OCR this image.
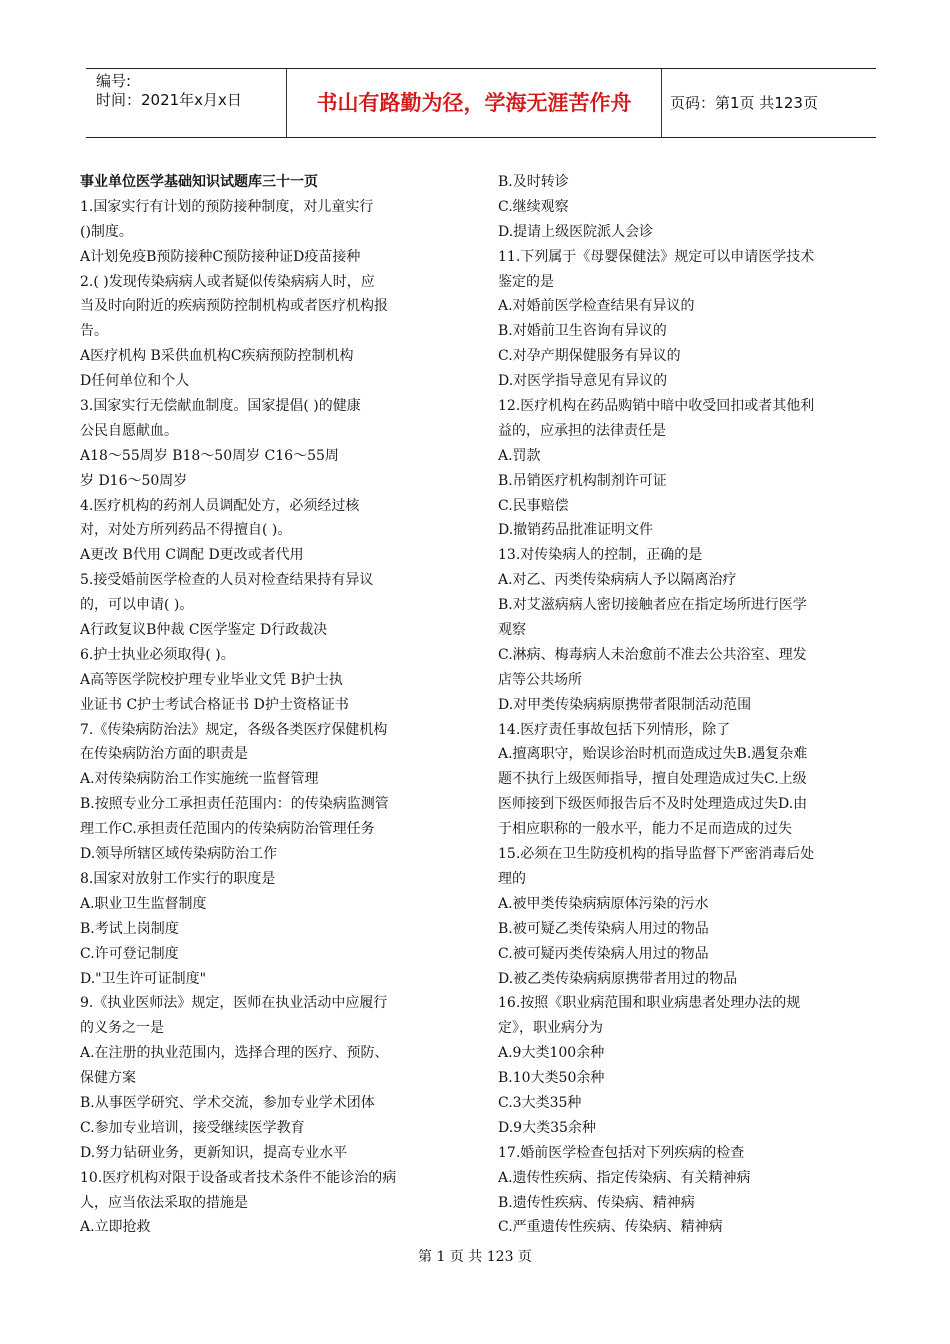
编号:
时间：2021年x月x日	书山有路勤为径，学海无涯苦作舟	页码：第1页 共123页
事业单位医学基础知识试题库三十一页
1.国家实行有计划的预防接种制度，对儿童实行
()制度。
A计划免疫B预防接种C预防接种证D疫苗接种
2.( )发现传染病病人或者疑似传染病病人时，应
当及时向附近的疾病预防控制机构或者医疗机构报
告。
A医疗机构 B采供血机构C疾病预防控制机构
D任何单位和个人
3.国家实行无偿献血制度。国家提倡( )的健康
公民自愿献血。
A18～55周岁 B18～50周岁 C16～55周
岁 D16～50周岁
4.医疗机构的药剂人员调配处方，必须经过核
对，对处方所列药品不得擅自( )。
A更改 B代用 C调配 D更改或者代用
5.接受婚前医学检查的人员对检查结果持有异议
的，可以申请( )。
A行政复议B仲裁 C医学鉴定 D行政裁决
6.护士执业必须取得( )。
A高等医学院校护理专业毕业文凭 B护士执
业证书 C护士考试合格证书 D护士资格证书
7.《传染病防治法》规定，各级各类医疗保健机构
在传染病防治方面的职责是
A.对传染病防治工作实施统一监督管理
B.按照专业分工承担责任范围内：的传染病监测管
理工作C.承担责任范围内的传染病防治管理任务
D.领导所辖区域传染病防治工作
8.国家对放射工作实行的职度是
A.职业卫生监督制度
B.考试上岗制度
C.许可登记制度
D."卫生许可证制度"
9.《执业医师法》规定，医师在执业活动中应履行
的义务之一是
A.在注册的执业范围内，选择合理的医疗、预防、
保健方案
B.从事医学研究、学术交流，参加专业学术团体
C.参加专业培训，接受继续医学教育
D.努力钻研业务，更新知识，提高专业水平
10.医疗机构对限于设备或者技术条件不能诊治的病
人，应当依法采取的措施是
A.立即抢救
B.及时转诊
C.继续观察
D.提请上级医院派人会诊
11.下列属于《母婴保健法》规定可以申请医学技术
鉴定的是
A.对婚前医学检查结果有异议的
B.对婚前卫生咨询有异议的
C.对孕产期保健服务有异议的
D.对医学指导意见有异议的
12.医疗机构在药品购销中暗中收受回扣或者其他利
益的，应承担的法律责任是
A.罚款
B.吊销医疗机构制剂许可证
C.民事赔偿
D.撤销药品批准证明文件
13.对传染病人的控制，正确的是
A.对乙、丙类传染病病人予以隔离治疗
B.对艾滋病病人密切接触者应在指定场所进行医学
观察
C.淋病、梅毒病人未治愈前不准去公共浴室、理发
店等公共场所
D.对甲类传染病病原携带者限制活动范围
14.医疗责任事故包括下列情形，除了
A.擅离职守，贻误诊治时机而造成过失B.遇复杂难
题不执行上级医师指导，擅自处理造成过失C.上级
医师接到下级医师报告后不及时处理造成过失D.由
于相应职称的一般水平，能力不足而造成的过失
15.必须在卫生防疫机构的指导监督下严密消毒后处
理的
A.被甲类传染病病原体污染的污水
B.被可疑乙类传染病人用过的物品
C.被可疑丙类传染病人用过的物品
D.被乙类传染病病原携带者用过的物品
16.按照《职业病范围和职业病患者处理办法的规
定》，职业病分为
A.9大类100余种
B.10大类50余种
C.3大类35种
D.9大类35余种
17.婚前医学检查包括对下列疾病的检查
A.遗传性疾病、指定传染病、有关精神病
B.遗传性疾病、传染病、精神病
C.严重遗传性疾病、传染病、精神病
第 1 页 共 123 页
